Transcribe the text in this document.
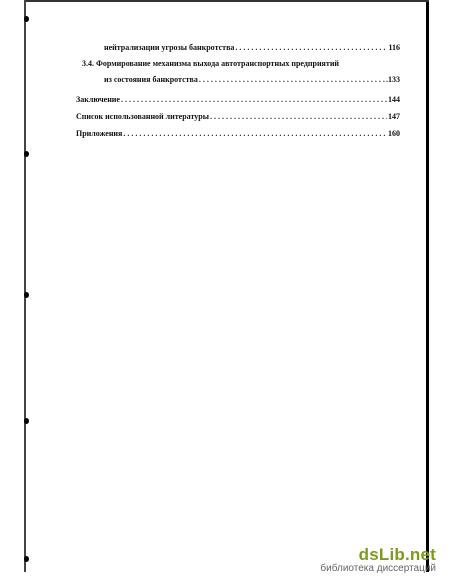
нейтрализации угрозы банкротства . . .	116
3.4. Формирование механизма выхода автотранспортных предприятий
из состояния банкротства . . .	.133
Заключение . . .	144
Список использованной литературы . . .	147
Приложения . . .	160
dsLib.net
библиотека диссертаций
